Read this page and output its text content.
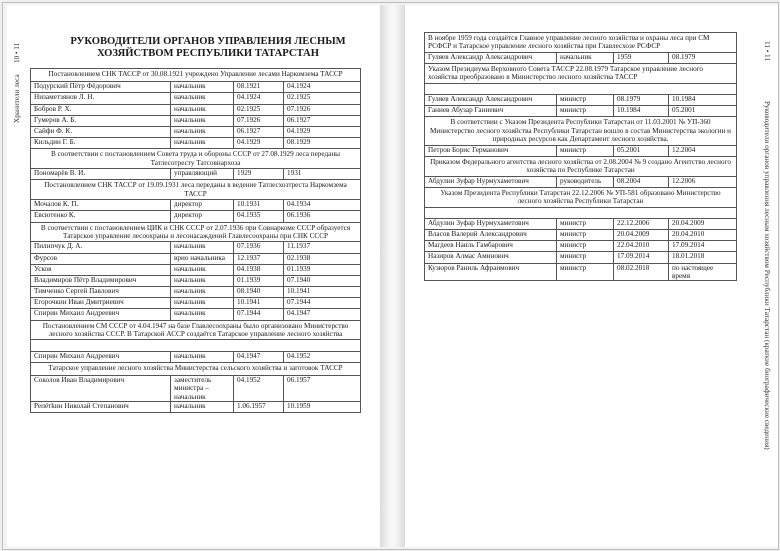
10 • 11
Хранители леса
РУКОВОДИТЕЛИ ОРГАНОВ УПРАВЛЕНИЯ ЛЕСНЫМ ХОЗЯЙСТВОМ РЕСПУБЛИКИ ТАТАРСТАН	11 • 11
Руководители органов управления лесным хозяйством Республики Татарстан (краткие биографические сведения)
Постановлением СНК ТАССР от 30.08.1921 учреждено Управление лесами Наркомзема ТАССР			
Подурский Пётр Фёдорович	начальник	08.1921	04.1924
Низаметзянов Л. Н.	начальник	04.1924	02.1925
Бобров Р. Х.	начальник	02.1925	07.1926
Гумеров А. Б.	начальник	07.1926	06.1927
Сайфи Ф. К.	начальник	06.1927	04.1929
Кильдин Г. Б.	начальник	04.1929	08.1929
В соответствии с постановлением Совета труда и обороны СССР от 27.08.1929 леса переданы Татлесотресту Татсовнархоза			
Пономарёв В. И.	управляющий	1929	1931
Постановлением СНК ТАССР от 19.09.1931 леса переданы в ведение Татлесхозтреста Наркомзема ТАССР			
Мочалов К. П.	директор	10.1931	04.1934
Евсютенко К.	директор	04.1935	06.1936
В соответствии с постановлением ЦИК и СНК СССР от 2.07.1936 при Совнаркоме СССР образуется Татарское управление лесоохраны и лесонасаждений Главлесоохраны при СНК СССР			
Пилипчук Д. А.	начальник	07.1936	11.1937
Фурсов	врио начальника	12.1937	02.1938
Усков	начальник	04.1938	01.1939
Владимиров Пётр Владимирович	начальник	01.1939	07.1940
Тимченко Сергей Павлович	начальник	08.1940	10.1941
Егорочкин Иван Дмитриевич	начальник	10.1941	07.1944
Спирин Михаил Андреевич	начальник	07.1944	04.1947
Постановлением СМ СССР от 4.04.1947 на базе Главлесоохраны было организовано Министерство лесного хозяйства СССР. В Татарской АССР создаётся Татарское управление лесного хозяйства			

Спирин Михаил Андреевич	начальник	04.1947	04.1952
Татарское управление лесного хозяйства Министерства сельского хозяйства и заготовок ТАССР			
Соколов Иван Владимирович	заместитель министра – начальник	04.1952	06.1957
Репётkин Николай Степанович	начальник	1.06.1957	10.1959
В ноябре 1959 года создаётся Главное управление лесного хозяйства и охраны леса при СМ РСФСР и Татарское управление лесного хозяйства при Главлесхозе РСФСР			
Гуляев Александр Александрович	начальник	1959	08.1979
Указом Президиума Верховного Совета ТАССР 22.08.1979 Татарское управление лесного хозяйства преобразовано в Министерство лесного хозяйства ТАССР			

Гуляев Александр Александрович	министр	08.1979	10.1984
Ганиев Абузар Ганиевич	министр	10.1984	05.2001
В соответствии с Указом Президента Республики Татарстан от 11.03.2001 № УП-360 Министерство лесного хозяйства Республики Татарстан вошло в состав Министерства экологии и природных ресурсов как Департамент лесного хозяйства.			
Петров Борис Германович	министр	05.2001	12.2004
Приказом Федерального агентства лесного хозяйства от 2.08.2004 № 9 создано Агентство лесного хозяйства по Республике Татарстан			
Абдулин Зуфар Нурмухаметович	руководитель	08.2004	12.2006
Указом Президента Республики Татарстан 22.12.2006 № УП-581 образовано Министерство лесного хозяйства Республики Татарстан			

Абдулин Зуфар Нурмухаметович	министр	22.12.2006	20.04.2009
Власов Валерий Александрович	министр	20.04.2009	20.04.2010
Магдеев Наиль Гамбарович	министр	22.04.2010	17.09.2014
Назиров Алмас Аминович	министр	17.09.2014	18.01.2018
Кузюров Раниль Афраимович	министр	08.02.2018	по настоящее время
